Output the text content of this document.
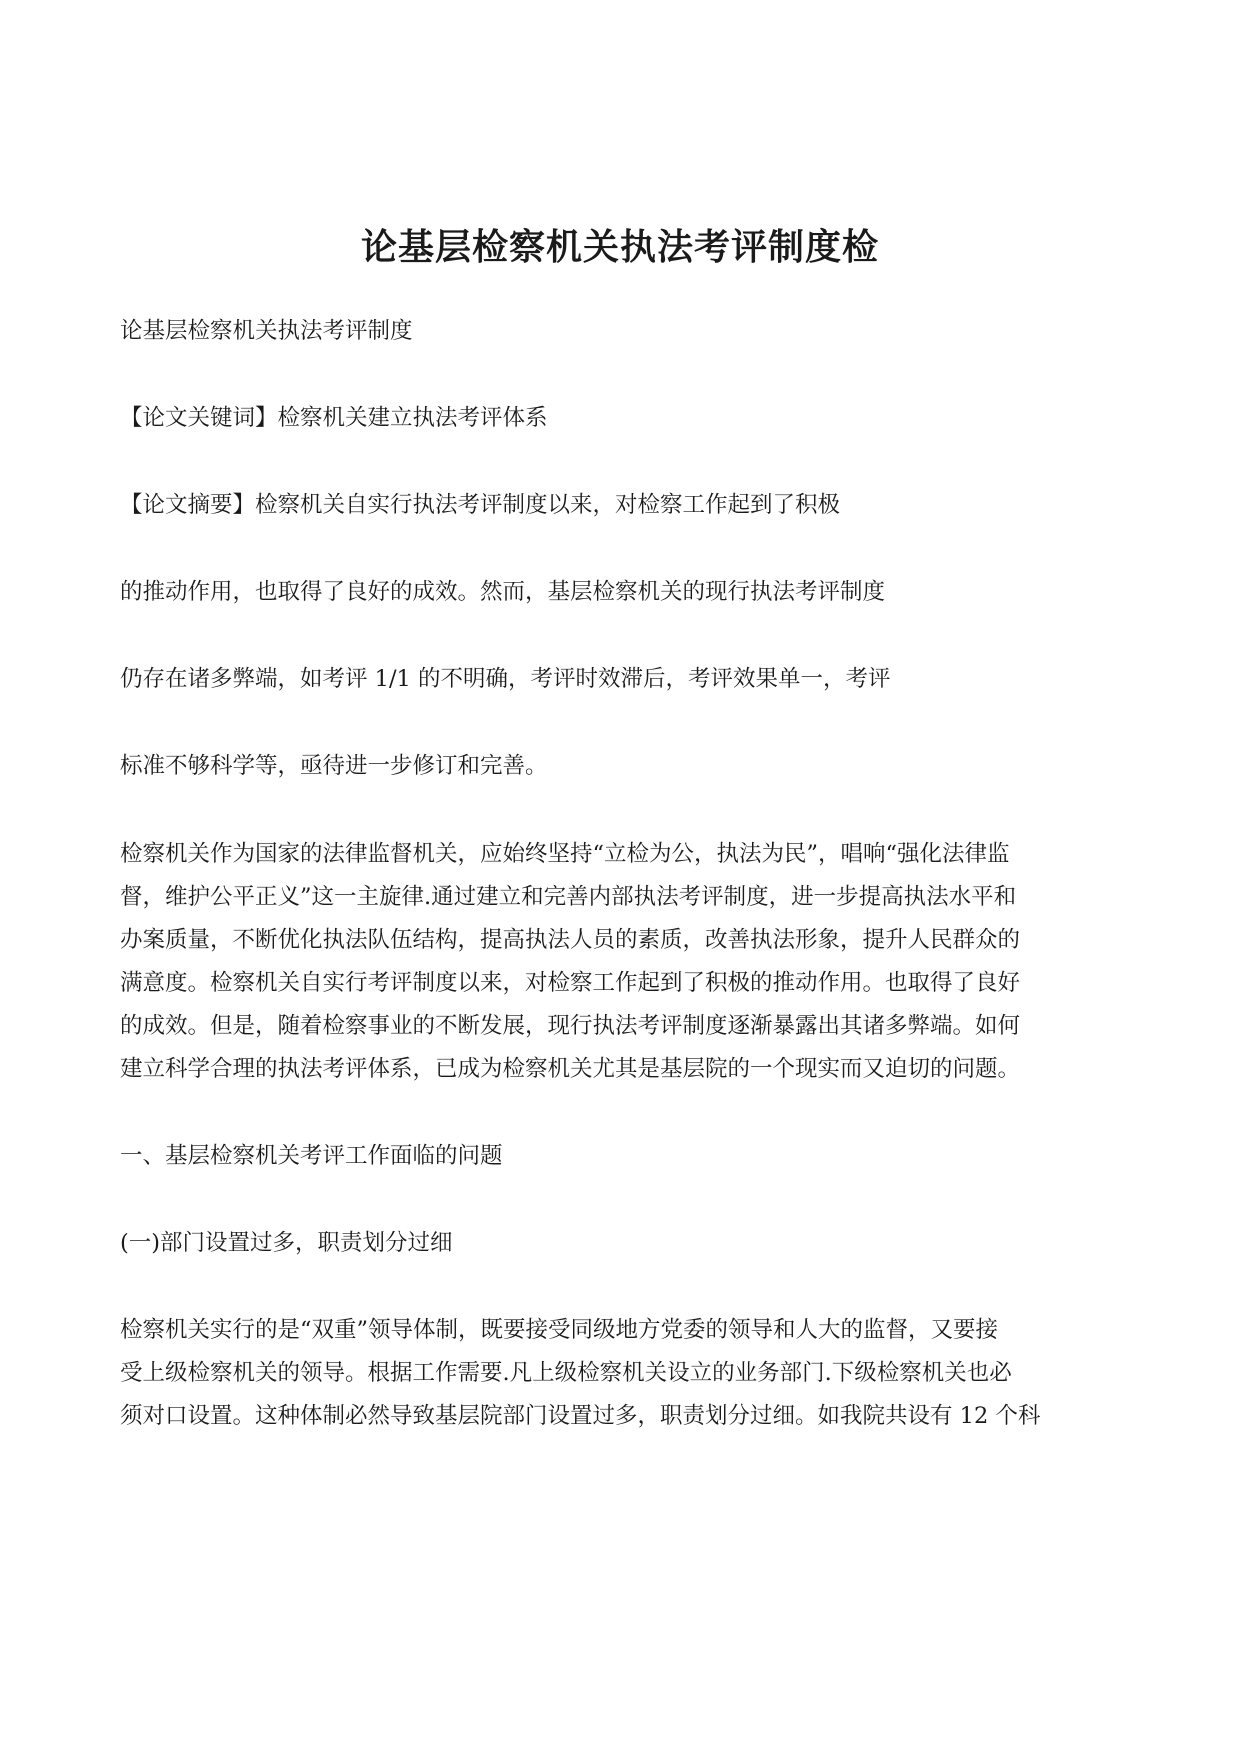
论基层检察机关执法考评制度检
论基层检察机关执法考评制度
【论文关键词】检察机关建立执法考评体系
【论文摘要】检察机关自实行执法考评制度以来，对检察工作起到了积极
的推动作用，也取得了良好的成效。然而，基层检察机关的现行执法考评制度
仍存在诸多弊端，如考评 1/1 的不明确，考评时效滞后，考评效果单一，考评
标准不够科学等，亟待进一步修订和完善。
检察机关作为国家的法律监督机关，应始终坚持“立检为公，执法为民”，唱响“强化法律监
督，维护公平正义”这一主旋律.通过建立和完善内部执法考评制度，进一步提高执法水平和
办案质量，不断优化执法队伍结构，提高执法人员的素质，改善执法形象，提升人民群众的
满意度。检察机关自实行考评制度以来，对检察工作起到了积极的推动作用。也取得了良好
的成效。但是，随着检察事业的不断发展，现行执法考评制度逐渐暴露出其诸多弊端。如何
建立科学合理的执法考评体系，已成为检察机关尤其是基层院的一个现实而又迫切的问题。
一、基层检察机关考评工作面临的问题
(一)部门设置过多，职责划分过细
检察机关实行的是“双重”领导体制，既要接受同级地方党委的领导和人大的监督，又要接
受上级检察机关的领导。根据工作需要.凡上级检察机关设立的业务部门.下级检察机关也必
须对口设置。这种体制必然导致基层院部门设置过多，职责划分过细。如我院共设有 12 个科
